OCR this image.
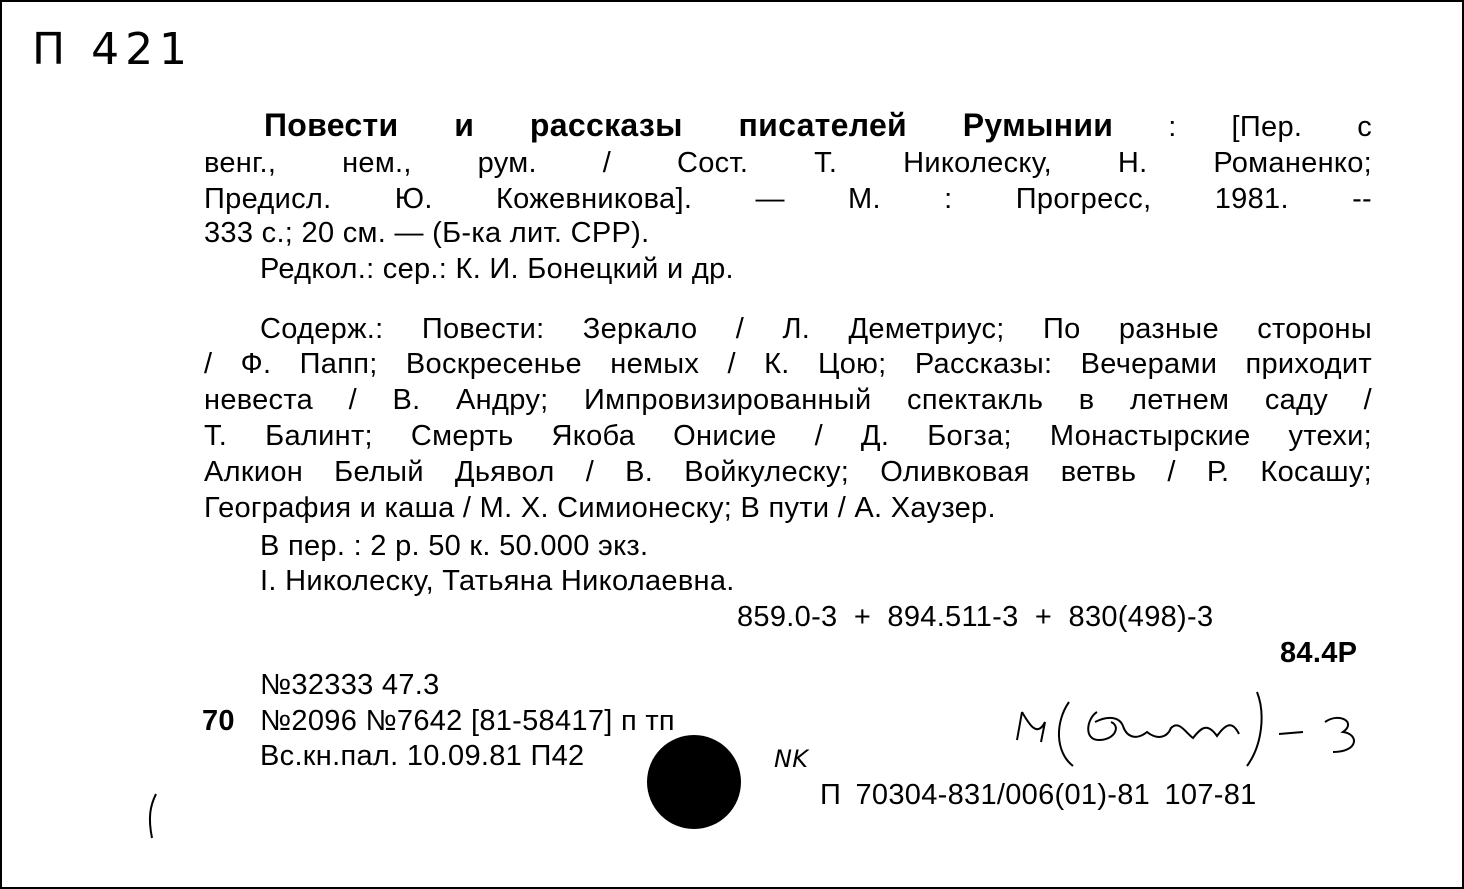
П 421
Повести и рассказы писателей Румынии : [Пер. с
венг., нем., рум. / Сост. Т. Николеску, Н. Романенко;
Предисл. Ю. Кожевникова]. — М. : Прогресс, 1981. --
333 с.; 20 см. — (Б-ка лит. СРР).
Редкол.: сер.: К. И. Бонецкий и др.
Содерж.: Повести: Зеркало / Л. Деметриус; По разные стороны
/ Ф. Папп; Воскресенье немых / К. Цою; Рассказы: Вечерами приходит
невеста / В. Андру; Импровизированный спектакль в летнем саду /
Т. Балинт; Смерть Якоба Онисие / Д. Богза; Монастырские утехи;
Алкион Белый Дьявол / В. Войкулеску; Оливковая ветвь / Р. Косашу;
География и каша / М. Х. Симионеску; В пути / А. Хаузер.
В пер. : 2 р. 50 к. 50.000 экз.
I. Николеску, Татьяна Николаевна.
859.0-3 + 894.511-3 + 830(498)-3
84.4Р
№32333 47.3
70 №2096 №7642 [81-58417] п тп
Вс.кн.пал. 10.09.81 П42	NK
П 70304-831/006(01)-81 107-81
